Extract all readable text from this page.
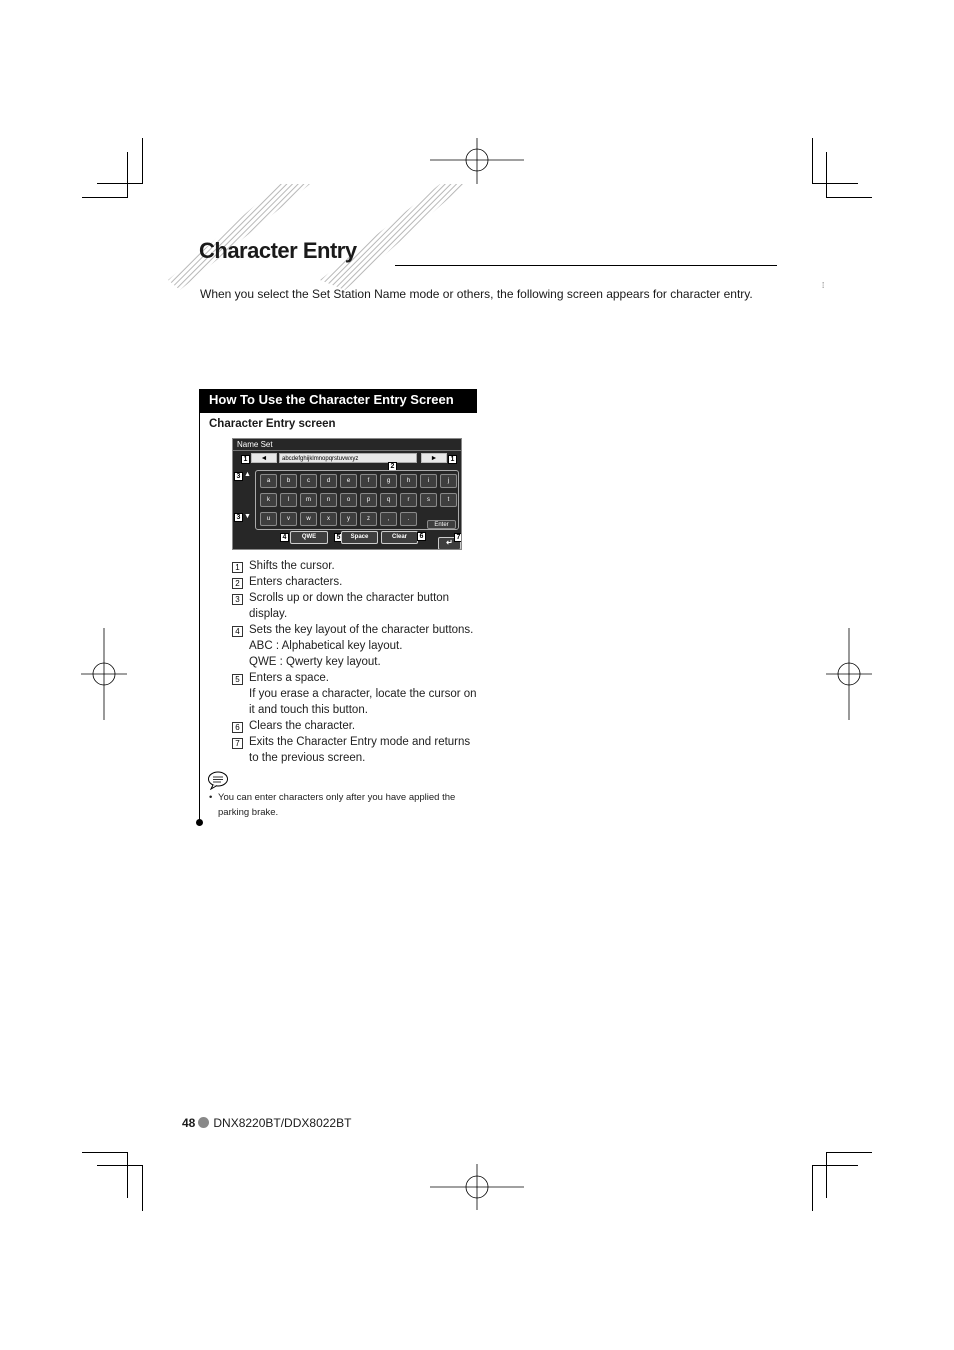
Character Entry
When you select the Set Station Name mode or others, the following screen appears for character entry.
⁞
How To Use the Character Entry Screen
Character Entry screen
Name Set
1	◄	abcdefghijklmnopqrstuvwxyz	►	1
2
3 ▲
3 ▼
a	b	c	d	e	f	g	h	i	j
k	l	m	n	o	p	q	r	s	t
u	v	w	x	y	z	,	.
Enter
4	QWE	5	Space	Clear	6
↵
7
1 Shifts the cursor.
2 Enters characters.
3 Scrolls up or down the character button
display.
4 Sets the key layout of the character buttons.
ABC : Alphabetical key layout.
QWE : Qwerty key layout.
5 Enters a space.
If you erase a character, locate the cursor on
it and touch this button.
6 Clears the character.
7 Exits the Character Entry mode and returns
to the previous screen.
• You can enter characters only after you have applied the
parking brake.
48 DNX8220BT/DDX8022BT
